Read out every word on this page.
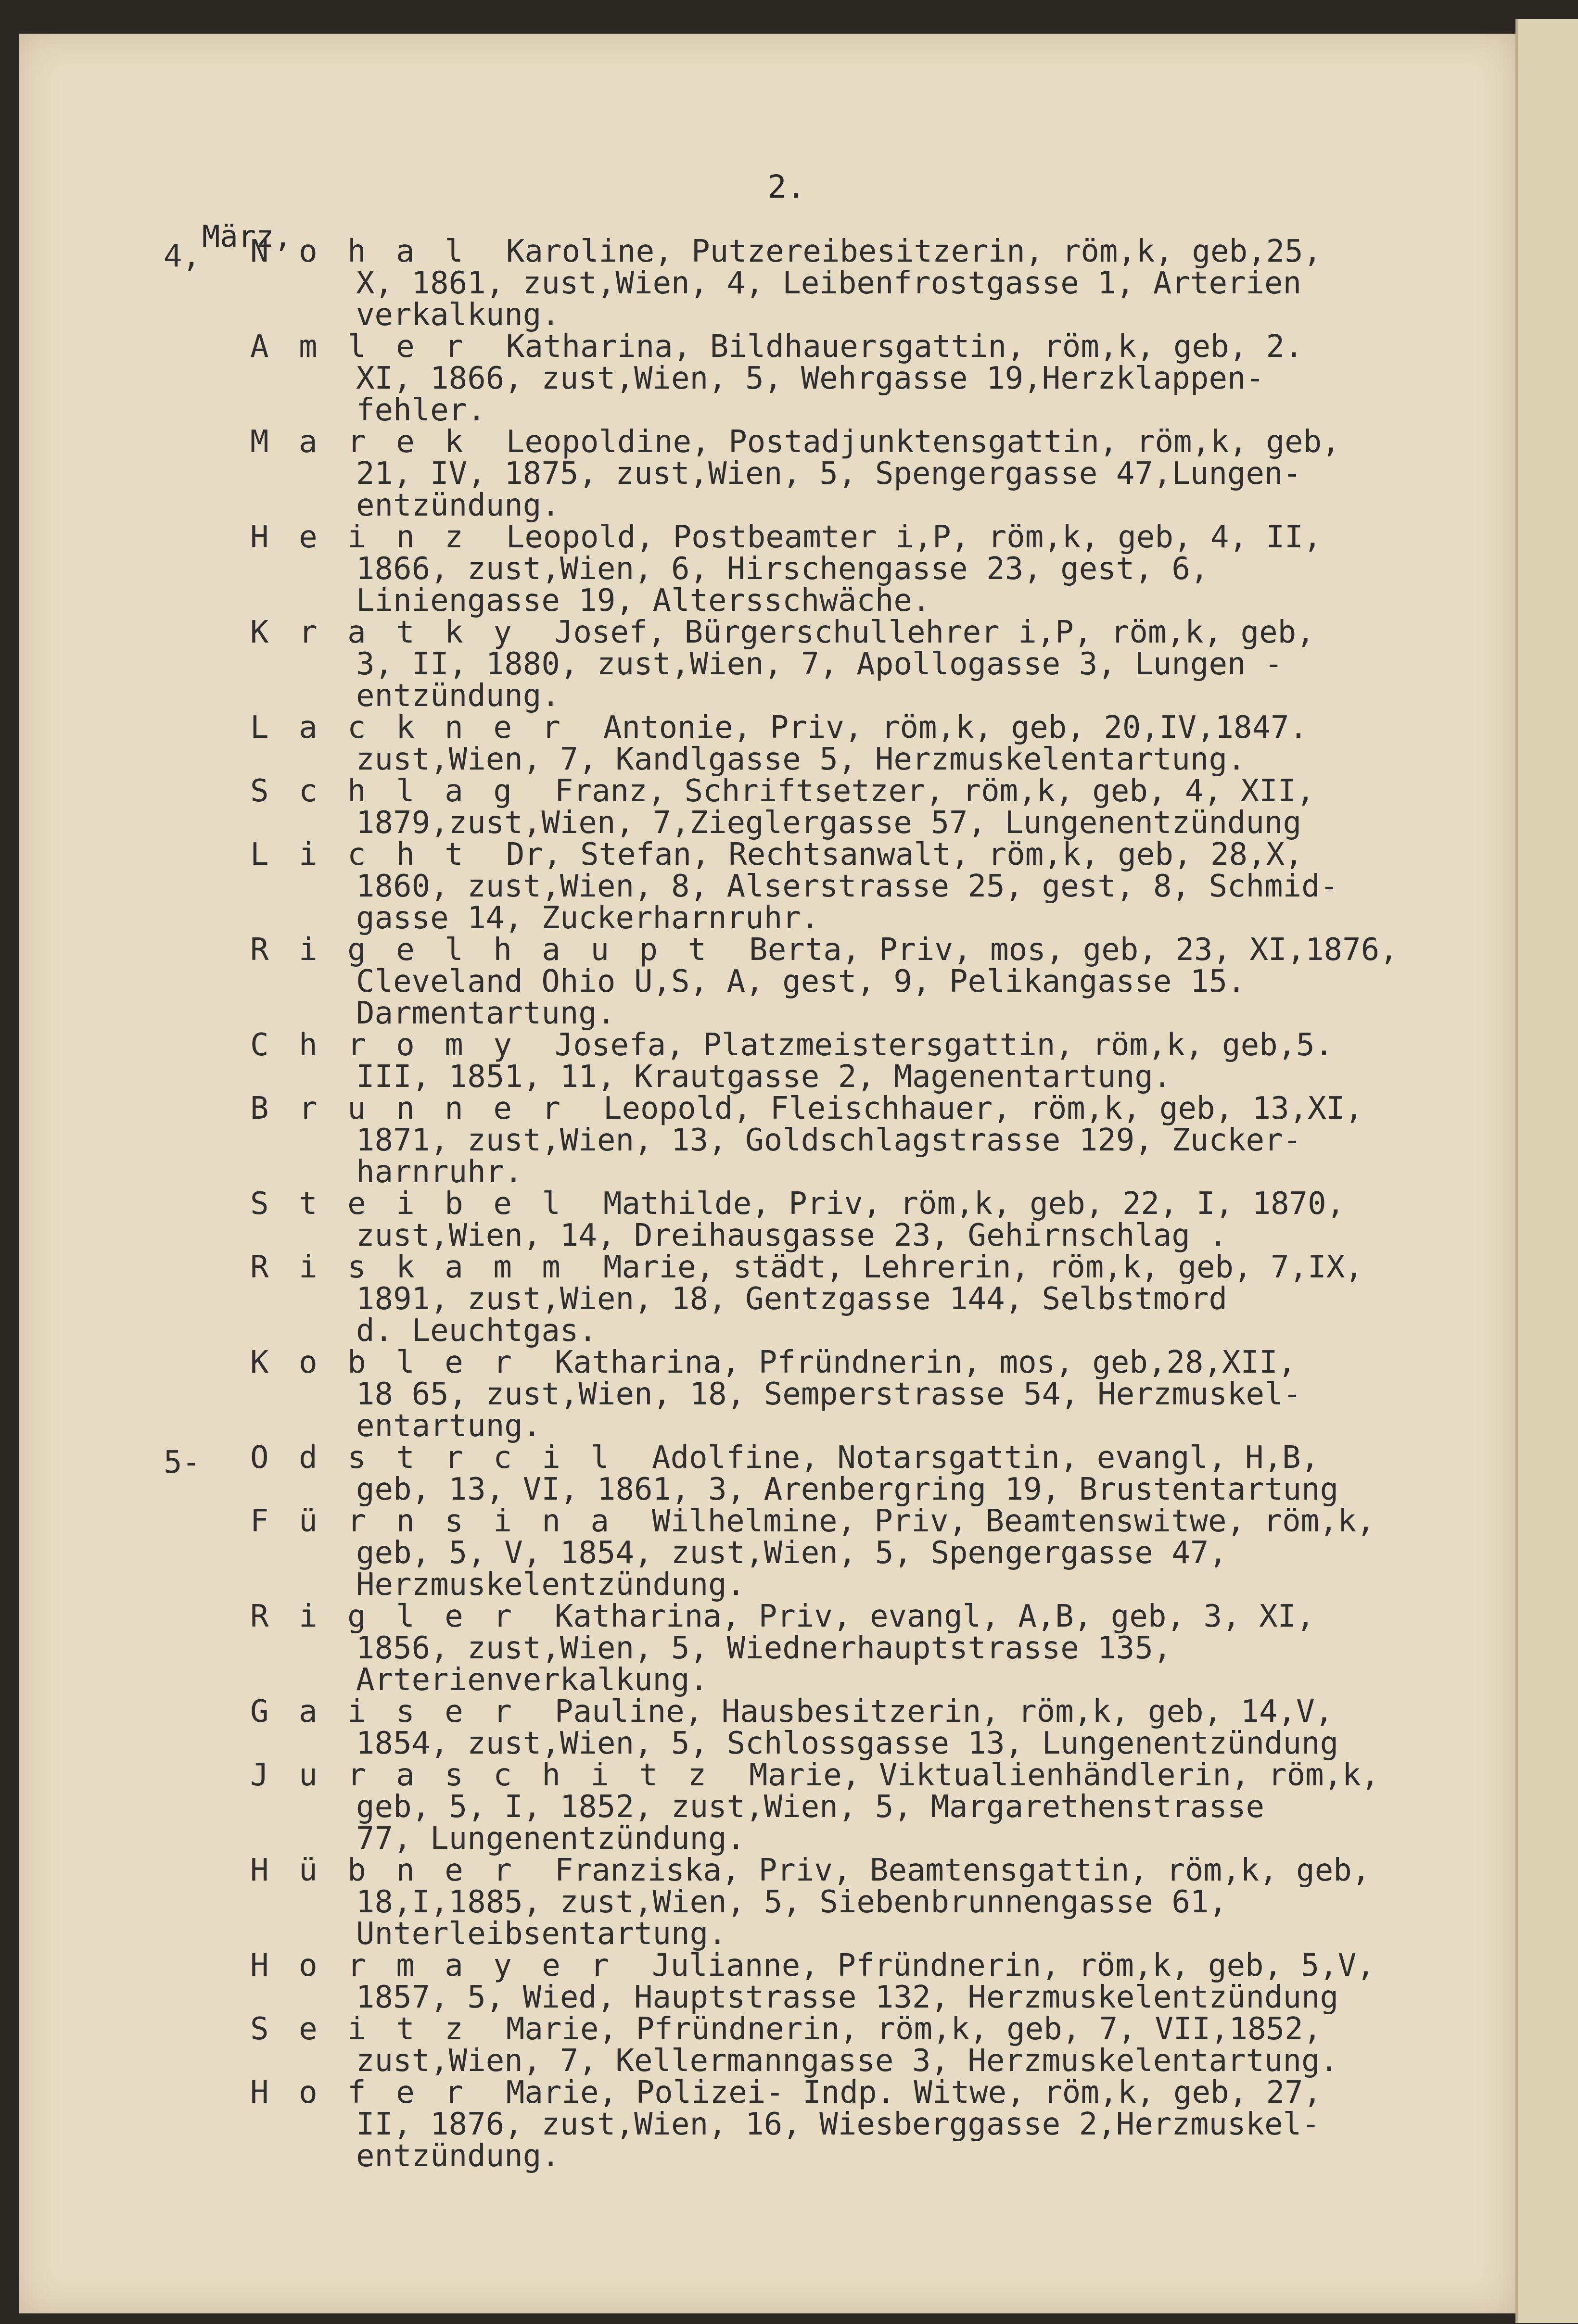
2.
März,
4,	N o h a l Karoline, Putzereibesitzerin, röm,k, geb,25,
X, 1861, zust,Wien, 4, Leibenfrostgasse 1, Arterien
verkalkung.
A m l e r Katharina, Bildhauersgattin, röm,k, geb, 2.
XI, 1866, zust,Wien, 5, Wehrgasse 19,Herzklappen-
fehler.
M a r e k Leopoldine, Postadjunktensgattin, röm,k, geb,
21, IV, 1875, zust,Wien, 5, Spengergasse 47,Lungen-
entzündung.
H e i n z Leopold, Postbeamter i,P, röm,k, geb, 4, II,
1866, zust,Wien, 6, Hirschengasse 23, gest, 6,
Liniengasse 19, Altersschwäche.
K r a t k y Josef, Bürgerschullehrer i,P, röm,k, geb,
3, II, 1880, zust,Wien, 7, Apollogasse 3, Lungen -
entzündung.
L a c k n e r Antonie, Priv, röm,k, geb, 20,IV,1847.
zust,Wien, 7, Kandlgasse 5, Herzmuskelentartung.
S c h l a g Franz, Schriftsetzer, röm,k, geb, 4, XII,
1879,zust,Wien, 7,Zieglergasse 57, Lungenentzündung
L i c h t Dr, Stefan, Rechtsanwalt, röm,k, geb, 28,X,
1860, zust,Wien, 8, Alserstrasse 25, gest, 8, Schmid-
gasse 14, Zuckerharnruhr.
R i g e l h a u p t Berta, Priv, mos, geb, 23, XI,1876,
Cleveland Ohio U,S, A, gest, 9, Pelikangasse 15.
Darmentartung.
C h r o m y Josefa, Platzmeistersgattin, röm,k, geb,5.
III, 1851, 11, Krautgasse 2, Magenentartung.
B r u n n e r Leopold, Fleischhauer, röm,k, geb, 13,XI,
1871, zust,Wien, 13, Goldschlagstrasse 129, Zucker-
harnruhr.
S t e i b e l Mathilde, Priv, röm,k, geb, 22, I, 1870,
zust,Wien, 14, Dreihausgasse 23, Gehirnschlag .
R i s k a m m Marie, städt, Lehrerin, röm,k, geb, 7,IX,
1891, zust,Wien, 18, Gentzgasse 144, Selbstmord
d. Leuchtgas.
K o b l e r Katharina, Pfründnerin, mos, geb,28,XII,
18 65, zust,Wien, 18, Semperstrasse 54, Herzmuskel-
entartung.
5-	O d s t r c i l Adolfine, Notarsgattin, evangl, H,B,
geb, 13, VI, 1861, 3, Arenbergring 19, Brustentartung
F ü r n s i n a Wilhelmine, Priv, Beamtenswitwe, röm,k,
geb, 5, V, 1854, zust,Wien, 5, Spengergasse 47,
Herzmuskelentzündung.
R i g l e r Katharina, Priv, evangl, A,B, geb, 3, XI,
1856, zust,Wien, 5, Wiednerhauptstrasse 135,
Arterienverkalkung.
G a i s e r Pauline, Hausbesitzerin, röm,k, geb, 14,V,
1854, zust,Wien, 5, Schlossgasse 13, Lungenentzündung
J u r a s c h i t z Marie, Viktualienhändlerin, röm,k,
geb, 5, I, 1852, zust,Wien, 5, Margarethenstrasse
77, Lungenentzündung.
H ü b n e r Franziska, Priv, Beamtensgattin, röm,k, geb,
18,I,1885, zust,Wien, 5, Siebenbrunnengasse 61,
Unterleibsentartung.
H o r m a y e r Julianne, Pfründnerin, röm,k, geb, 5,V,
1857, 5, Wied, Hauptstrasse 132, Herzmuskelentzündung
S e i t z Marie, Pfründnerin, röm,k, geb, 7, VII,1852,
zust,Wien, 7, Kellermanngasse 3, Herzmuskelentartung.
H o f e r Marie, Polizei- Indp. Witwe, röm,k, geb, 27,
II, 1876, zust,Wien, 16, Wiesberggasse 2,Herzmuskel-
entzündung.
